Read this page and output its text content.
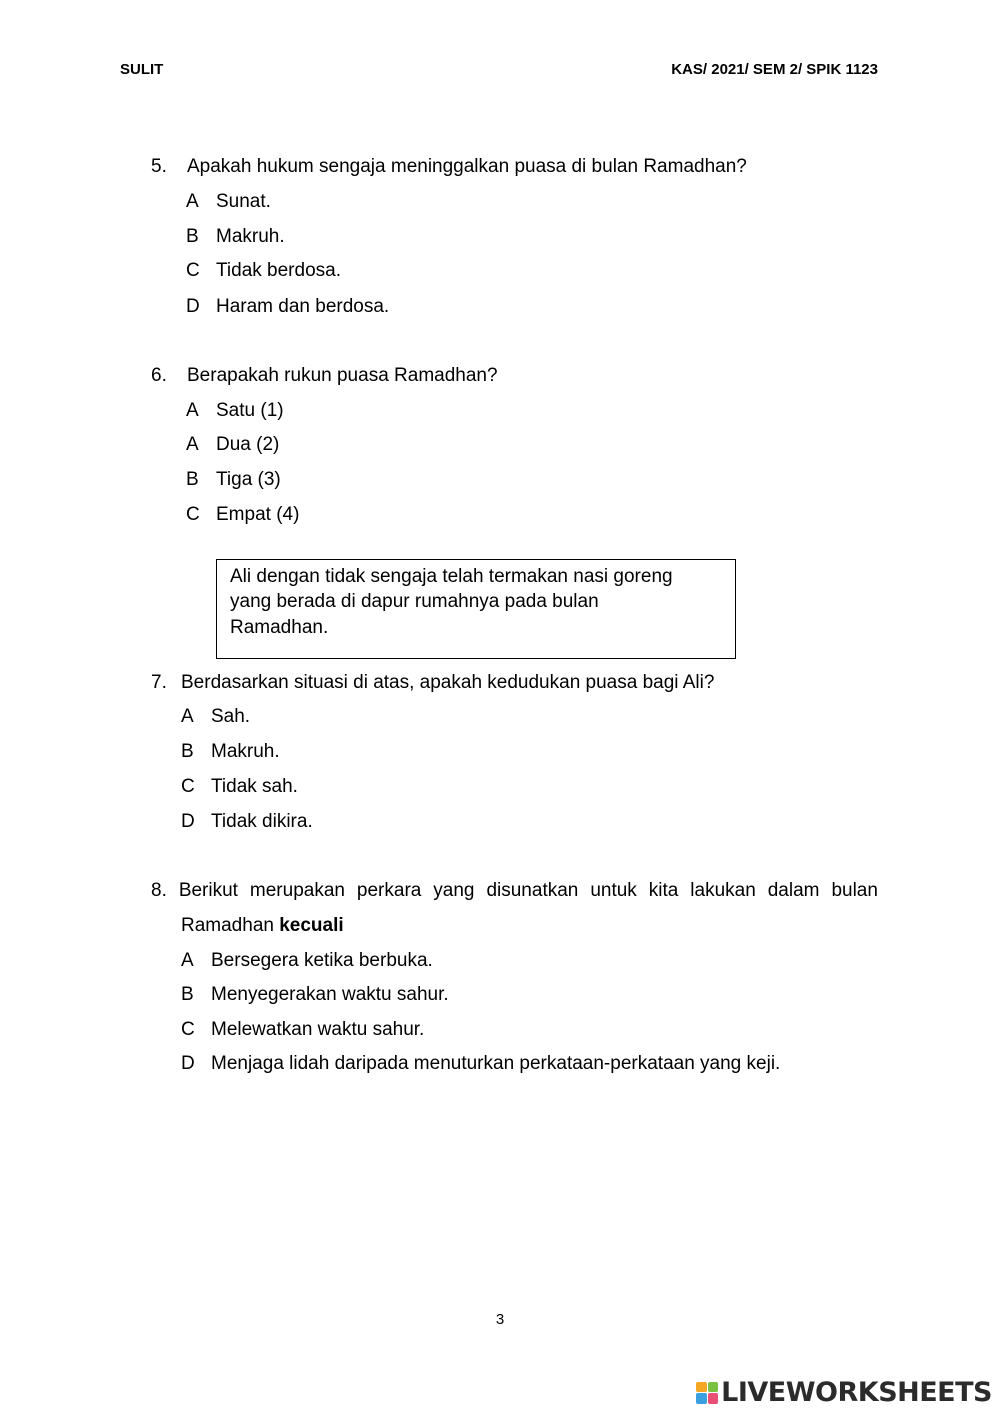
SULIT	KAS/ 2021/ SEM 2/ SPIK 1123
5. Apakah hukum sengaja meninggalkan puasa di bulan Ramadhan?
A Sunat.
B Makruh.
C Tidak berdosa.
D Haram dan berdosa.
6. Berapakah rukun puasa Ramadhan?
A Satu (1)
A Dua (2)
B Tiga (3)
C Empat (4)
Ali dengan tidak sengaja telah termakan nasi goreng
yang berada di dapur rumahnya pada bulan
Ramadhan.
7. Berdasarkan situasi di atas, apakah kedudukan puasa bagi Ali?
A Sah.
B Makruh.
C Tidak sah.
D Tidak dikira.
8. Berikut merupakan perkara yang disunatkan untuk kita lakukan dalam bulan
Ramadhan kecuali
A Bersegera ketika berbuka.
B Menyegerakan waktu sahur.
C Melewatkan waktu sahur.
D Menjaga lidah daripada menuturkan perkataan-perkataan yang keji.
3
LIVEWORKSHEETS
